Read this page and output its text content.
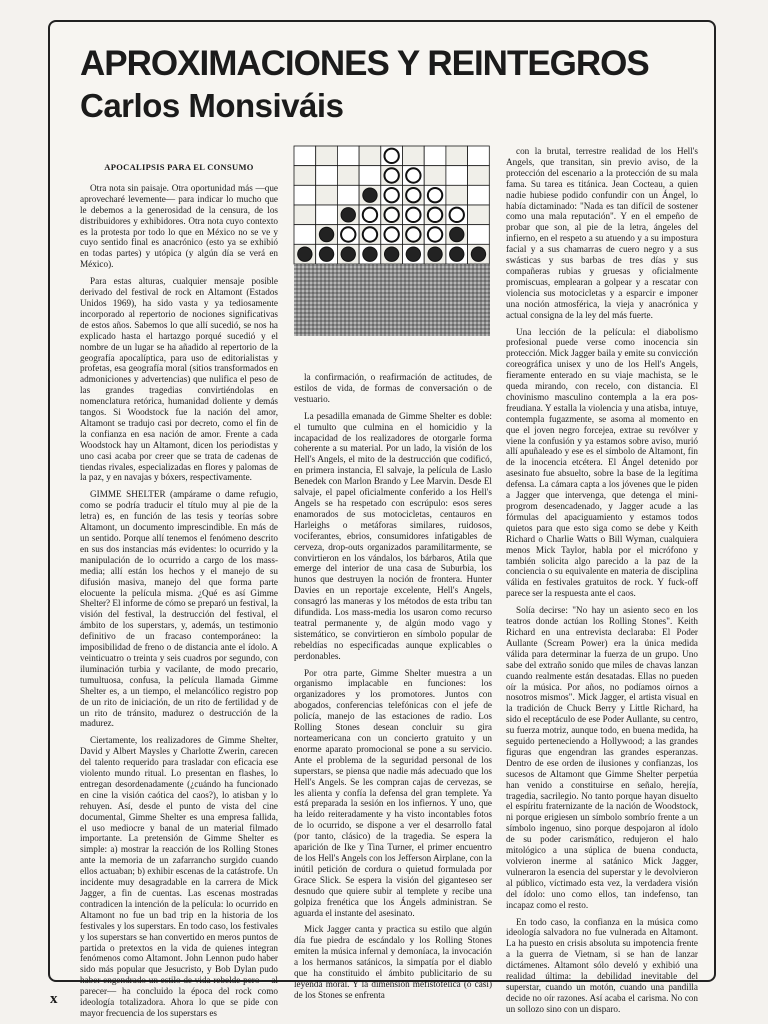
APROXIMACIONES Y REINTEGROS
Carlos Monsiváis
APOCALIPSIS PARA EL CONSUMO

Otra nota sin paisaje. Otra oportunidad más —que aprovecharé levemente— para indicar lo mucho que le debemos a la generosidad de la censura, de los distribuidores y exhibidores. Otra nota cuyo contexto es la protesta por todo lo que en México no se ve y cuyo sentido final es anacrónico (esto ya se exhibió en todas partes) y utópica (y algún día se verá en México).

Para estas alturas, cualquier mensaje posible derivado del festival de rock en Altamont (Estados Unidos 1969), ha sido vasta y ya tediosamente incorporado al repertorio de nociones significativas de estos años. Sabemos lo que allí sucedió, se nos ha explicado hasta el hartazgo porqué sucedió y el nombre de un lugar se ha añadido al repertorio de la geografía apocalíptica, para uso de editorialistas y profetas, esa geografía moral (sitios transformados en admoniciones y advertencias) que nulifica el peso de las grandes tragedias convirtiéndolas en nomenclatura retórica, humanidad doliente y demás tangos. Si Woodstock fue la nación del amor, Altamont se tradujo casi por decreto, como el fin de la confianza en esa nación de amor. Frente a cada Woodstock hay un Altamont, dicen los periodistas y uno casi acaba por creer que se trata de cadenas de tiendas rivales, especializadas en flores y palomas de la paz, y en navajas y bóxers, respectivamente.

GIMME SHELTER (ampárame o dame refugio, como se podría traducir el título muy al pie de la letra) es, en función de las tesis y teorías sobre Altamont, un documento imprescindible. En más de un sentido. Porque allí tenemos el fenómeno descrito en sus dos instancias más evidentes: lo ocurrido y la manipulación de lo ocurrido a cargo de los mass-media; allí están los hechos y el manejo de su difusión masiva, manejo del que forma parte elocuente la película misma. ¿Qué es así Gimme Shelter? El informe de cómo se preparó un festival, la visión del festival, la destrucción del festival, el ámbito de los superstars, y, además, un testimonio definitivo de un fracaso contemporáneo: la imposibilidad de freno o de distancia ante el ídolo. A veinticuatro o treinta y seis cuadros por segundo, con iluminación turbia y vacilante, de modo precario, tumultuosa, confusa, la película llamada Gimme Shelter es, a un tiempo, el melancólico registro pop de un rito de iniciación, de un rito de fertilidad y de un rito de tránsito, madurez o destrucción de la madurez.

Ciertamente, los realizadores de Gimme Shelter, David y Albert Maysles y Charlotte Zwerin, carecen del talento requerido para trasladar con eficacia ese violento mundo ritual. Lo presentan en flashes, lo entregan desordenadamente (¿cuándo ha funcionado en cine la visión caótica del caos?), lo atisban y lo rehuyen. Así, desde el punto de vista del cine documental, Gimme Shelter es una empresa fallida, el uso mediocre y banal de un material filmado importante. La pretensión de Gimme Shelter es simple: a) mostrar la reacción de los Rolling Stones ante la memoria de un zafarrancho surgido cuando ellos actuaban; b) exhibir escenas de la catástrofe. Un incidente muy desagradable en la carrera de Mick Jagger, a fin de cuentas. Las escenas mostradas contradicen la intención de la película: lo ocurrido en Altamont no fue un bad trip en la historia de los festivales y los superstars. En todo caso, los festivales y los superstars se han convertido en meros puntos de partida o pretextos en la vida de quienes integran fenómenos como Altamont. John Lennon pudo haber sido más popular que Jesucristo, y Bob Dylan pudo haber engendrado un estilo de vida rebelde pero —al parecer— ha concluido la época del rock como ideología totalizadora. Ahora lo que se pide con mayor frecuencia de los superstars es

la confirmación, o reafirmación de actitudes, de estilos de vida, de formas de conversación o de vestuario.

La pesadilla emanada de Gimme Shelter es doble: el tumulto que culmina en el homicidio y la incapacidad de los realizadores de otorgarle forma coherente a su material. Por un lado, la visión de los Hell's Angels, el mito de la destrucción que codificó, en primera instancia, El salvaje, la película de Laslo Benedek con Marlon Brando y Lee Marvin. Desde El salvaje, el papel oficialmente conferido a los Hell's Angels se ha respetado con escrúpulo: esos seres enamorados de sus motocicletas, centauros en Harleighs o metáforas similares, ruidosos, vociferantes, ebrios, consumidores infatigables de cerveza, drop-outs organizados paramilitarmente, se convirtieron en los vándalos, los bárbaros, Atila que emerge del interior de una casa de Suburbia, los hunos que destruyen la noción de frontera. Hunter Davies en un reportaje excelente, Hell's Angels, consagró las maneras y los métodos de esta tribu tan difundida. Los mass-media los usaron como recurso teatral permanente y, de algún modo vago y sistemático, se convirtieron en símbolo popular de rebeldías no especificadas aunque explicables o perdonables.

Por otra parte, Gimme Shelter muestra a un organismo implacable en funciones: los organizadores y los promotores. Juntos con abogados, conferencias telefónicas con el jefe de policía, manejo de las estaciones de radio. Los Rolling Stones desean concluir su gira norteamericana con un concierto gratuito y un enorme aparato promocional se pone a su servicio. Ante el problema de la seguridad personal de los superstars, se piensa que nadie más adecuado que los Hell's Angels. Se les compran cajas de cervezas, se les alienta y confía la defensa del gran templete. Ya está preparada la sesión en los infiernos. Y uno, que ha leído reiteradamente y ha visto incontables fotos de lo ocurrido, se dispone a ver el desarrollo fatal (por tanto, clásico) de la tragedia. Se espera la aparición de Ike y Tina Turner, el primer encuentro de los Hell's Angels con los Jefferson Airplane, con la inútil petición de cordura o quietud formulada por Grace Slick. Se espera la visión del giganteseo ser desnudo que quiere subir al templete y recibe una golpiza frenética que los Ángels administran. Se aguarda el instante del asesinato.

Mick Jagger canta y practica su estilo que algún día fue piedra de escándalo y los Rolling Stones emiten la música infernal y demoníaca, la invocación a los hermanos satánicos, la simpatía por el diablo que ha constituido el ámbito publicitario de su leyenda moral. Y la dimensión mefistofélica (o casi) de los Stones se enfrenta

con la brutal, terrestre realidad de los Hell's Angels, que transitan, sin previo aviso, de la protección del escenario a la protección de su mala fama. Su tarea es titánica. Jean Cocteau, a quien nadie hubiese podido confundir con un Ángel, lo había dictaminado: "Nada es tan difícil de sostener como una mala reputación". Y en el empeño de probar que son, al pie de la letra, ángeles del infierno, en el respeto a su atuendo y a su impostura facial y a sus chamarras de cuero negro y a sus swásticas y sus barbas de tres días y sus compañeras rubias y gruesas y oficialmente promiscuas, emplearan a golpear y a rescatar con violencia sus motocicletas y a esparcir e imponer una noción atmosférica, la vieja y anacrónica y actual consigna de la ley del más fuerte.

Una lección de la película: el diabolismo profesional puede verse como inocencia sin protección. Mick Jagger baila y emite su convicción coreográfica unisex y uno de los Hell's Angels, fieramente enterado en su viaje machista, se le queda mirando, con recelo, con distancia. El chovinismo masculino contempla a la era pos-freudiana. Y estalla la violencia y una atisba, intuye, contempla fugazmente, se asoma al momento en que el joven negro forcejea, extrae su revólver y viene la confusión y ya estamos sobre aviso, murió allí apuñaleado y ese es el símbolo de Altamont, fin de la inocencia etcétera. El Ángel detenido por asesinato fue absuelto, sobre la base de la legítima defensa. La cámara capta a los jóvenes que le piden a Jagger que intervenga, que detenga el mini-progrom desencadenado, y Jagger acude a las fórmulas del apaciguamiento y estamos todos quietos para que esto siga como se debe y Keith Richard o Charlie Watts o Bill Wyman, cualquiera menos Mick Taylor, habla por el micrófono y también solicita algo parecido a la paz de la conciencia o su equivalente en materia de disciplina válida en festivales gratuitos de rock. Y fuck-off parece ser la respuesta ante el caos.

Solía decirse: "No hay un asiento seco en los teatros donde actúan los Rolling Stones". Keith Richard en una entrevista declaraba: El Poder Aullante (Scream Power) era la única medida válida para determinar la fuerza de un grupo. Uno sabe del extraño sonido que miles de chavas lanzan cuando realmente están desatadas. Ellas no pueden oír la música. Por años, no podíamos oírnos a nosotros mismos". Mick Jagger, el artista visual en la tradición de Chuck Berry y Little Richard, ha sido el receptáculo de ese Poder Aullante, su centro, su fuerza motriz, aunque todo, en buena medida, ha seguido perteneciendo a Hollywood; a las grandes figuras que engendran las grandes esperanzas. Dentro de ese orden de ilusiones y confianzas, los sucesos de Altamont que Gimme Shelter perpetúa han venido a constituirse en señalo, herejía, tragedia, sacrilegio. No tanto porque hayan disuelto el espíritu fraternizante de la nación de Woodstock, ni porque erigiesen un símbolo sombrío frente a un símbolo ingenuo, sino porque despojaron al ídolo de su poder carismático, redujeron el halo mitológico a una súplica de buena conducta, volvieron inerme al satánico Mick Jagger, vulneraron la esencia del superstar y le devolvieron al público, víctimado esta vez, la verdadera visión del ídolo: uno como ellos, tan indefenso, tan incapaz como el resto.

En todo caso, la confianza en la música como ideología salvadora no fue vulnerada en Altamont. La ha puesto en crisis absoluta su impotencia frente a la guerra de Vietnam, si se han de lanzar dictámenes. Altamont sólo develó y exhibió una realidad última: la debilidad inevitable del superstar, cuando un motón, cuando una pandilla decide no oír razones. Así acaba el carisma. No con un sollozo sino con un disparo.

x
